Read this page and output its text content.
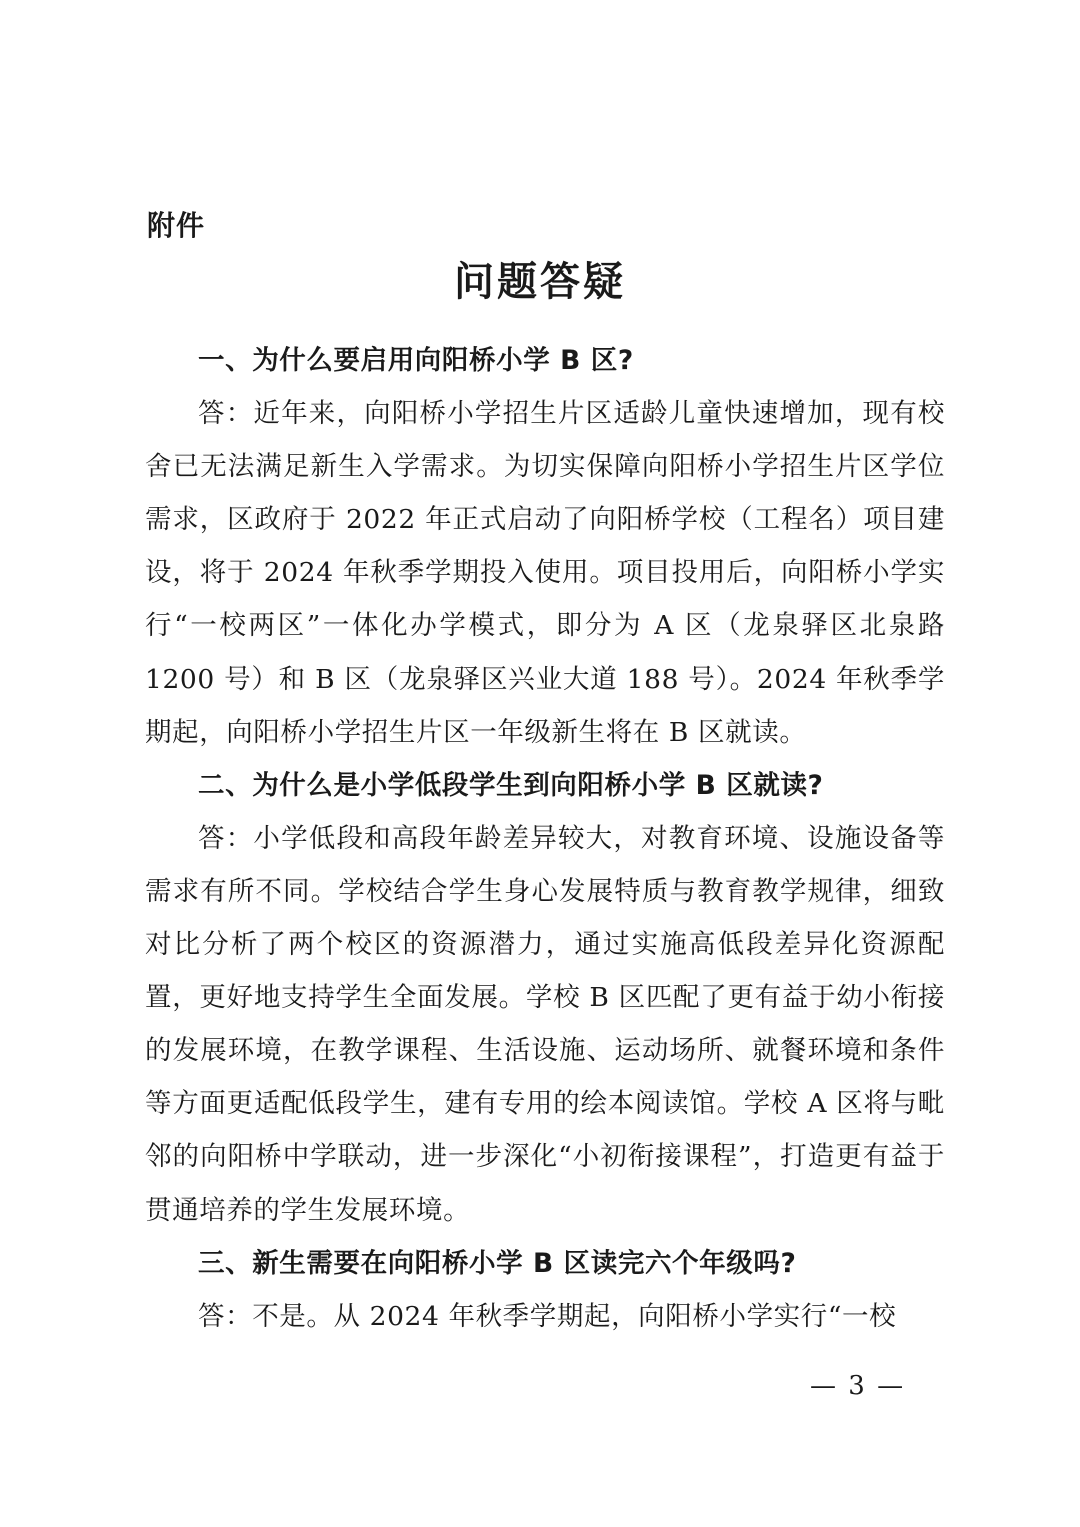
附件
问题答疑
一、为什么要启用向阳桥小学 B 区?

答：近年来，向阳桥小学招生片区适龄儿童快速增加，现有校舍已无法满足新生入学需求。为切实保障向阳桥小学招生片区学位需求，区政府于 2022 年正式启动了向阳桥学校（工程名）项目建设，将于 2024 年秋季学期投入使用。项目投用后，向阳桥小学实行“一校两区”一体化办学模式，即分为 A 区（龙泉驿区北泉路 1200 号）和 B 区（龙泉驿区兴业大道 188 号）。2024 年秋季学期起，向阳桥小学招生片区一年级新生将在 B 区就读。

二、为什么是小学低段学生到向阳桥小学 B 区就读?

答：小学低段和高段年龄差异较大，对教育环境、设施设备等需求有所不同。学校结合学生身心发展特质与教育教学规律，细致对比分析了两个校区的资源潜力，通过实施高低段差异化资源配置，更好地支持学生全面发展。学校 B 区匹配了更有益于幼小衔接的发展环境，在教学课程、生活设施、运动场所、就餐环境和条件等方面更适配低段学生，建有专用的绘本阅读馆。学校 A 区将与毗邻的向阳桥中学联动，进一步深化“小初衔接课程”，打造更有益于贯通培养的学生发展环境。

三、新生需要在向阳桥小学 B 区读完六个年级吗?

答：不是。从 2024 年秋季学期起，向阳桥小学实行“一校

— 3 —
